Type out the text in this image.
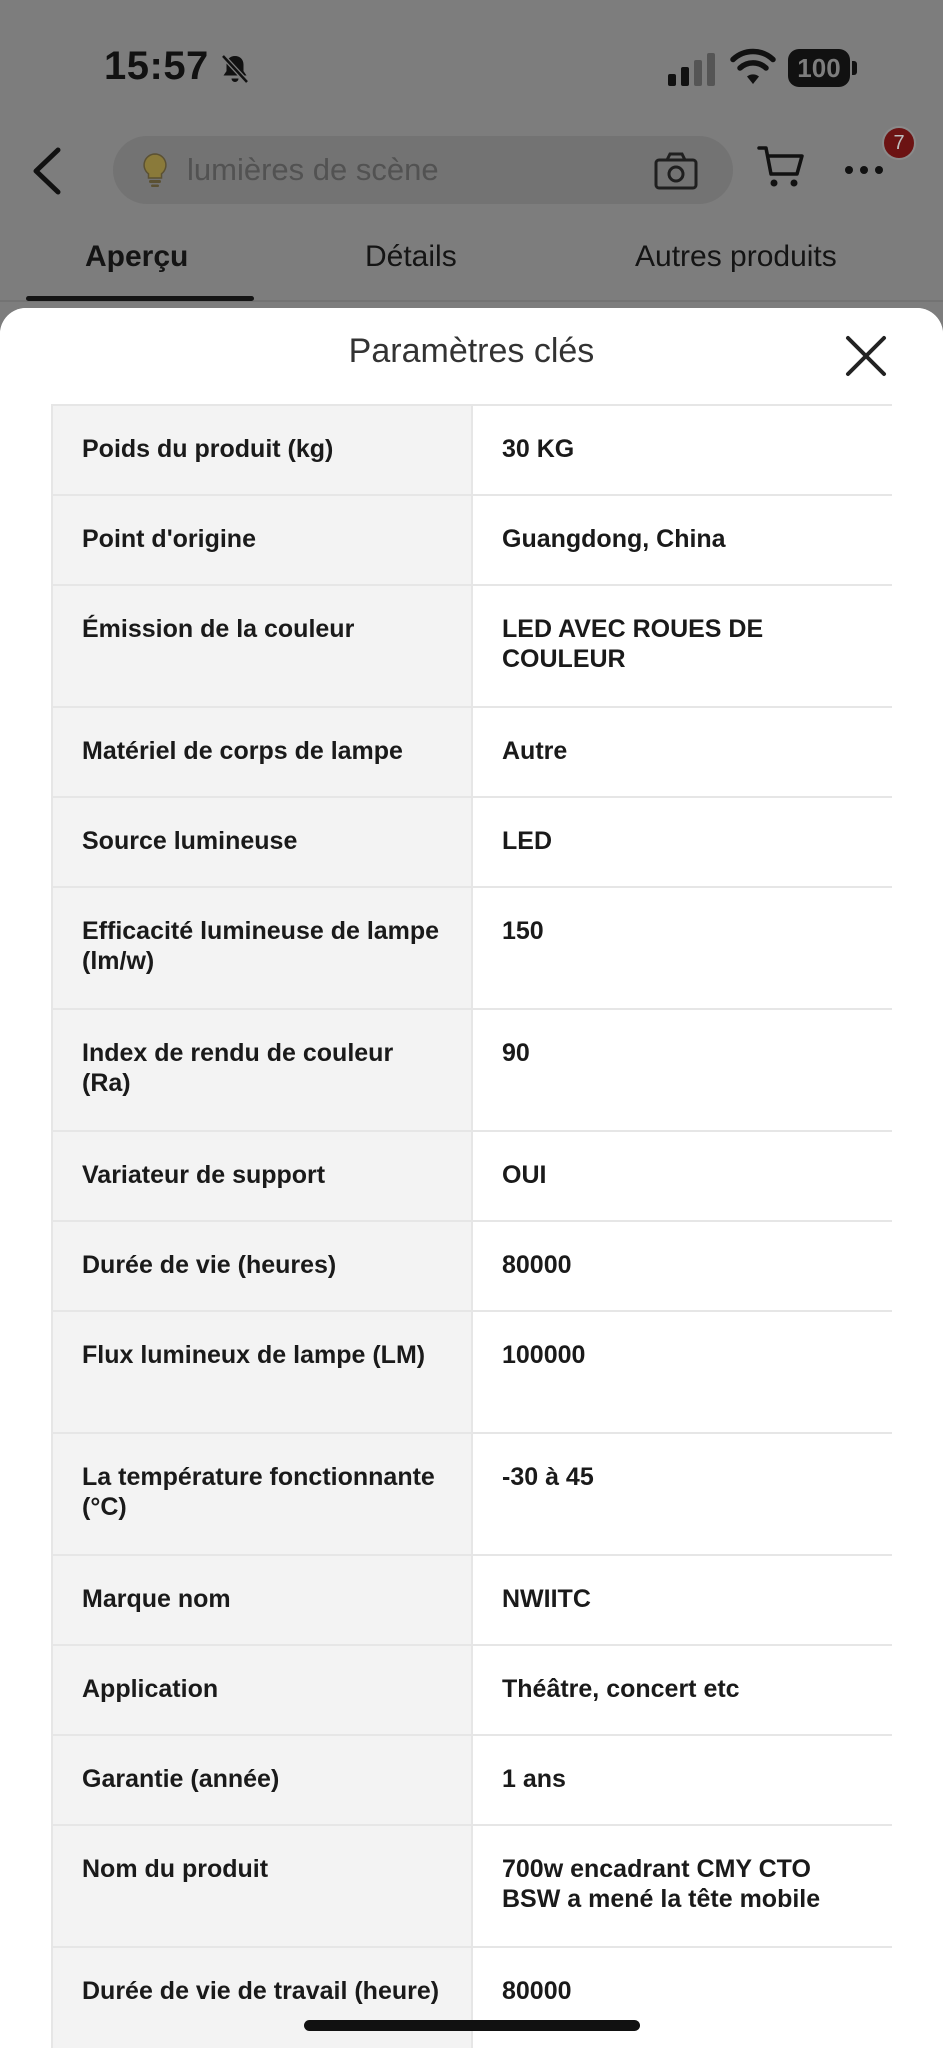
15:57	100
lumières de scène
7
Aperçu	Détails	Autres produits
Paramètres clés

Poids du produit (kg)	30 KG
Point d'origine	Guangdong, China
Émission de la couleur	LED AVEC ROUES DE COULEUR
Matériel de corps de lampe	Autre
Source lumineuse	LED
Efficacité lumineuse de lampe (lm/w)	150
Index de rendu de couleur (Ra)	90
Variateur de support	OUI
Durée de vie (heures)	80000
Flux lumineux de lampe (LM)	100000
La température fonctionnante (°C)	-30 à 45
Marque nom	NWIITC
Application	Théâtre, concert etc
Garantie (année)	1 ans
Nom du produit	700w encadrant CMY CTO BSW a mené la tête mobile
Durée de vie de travail (heure)	80000
